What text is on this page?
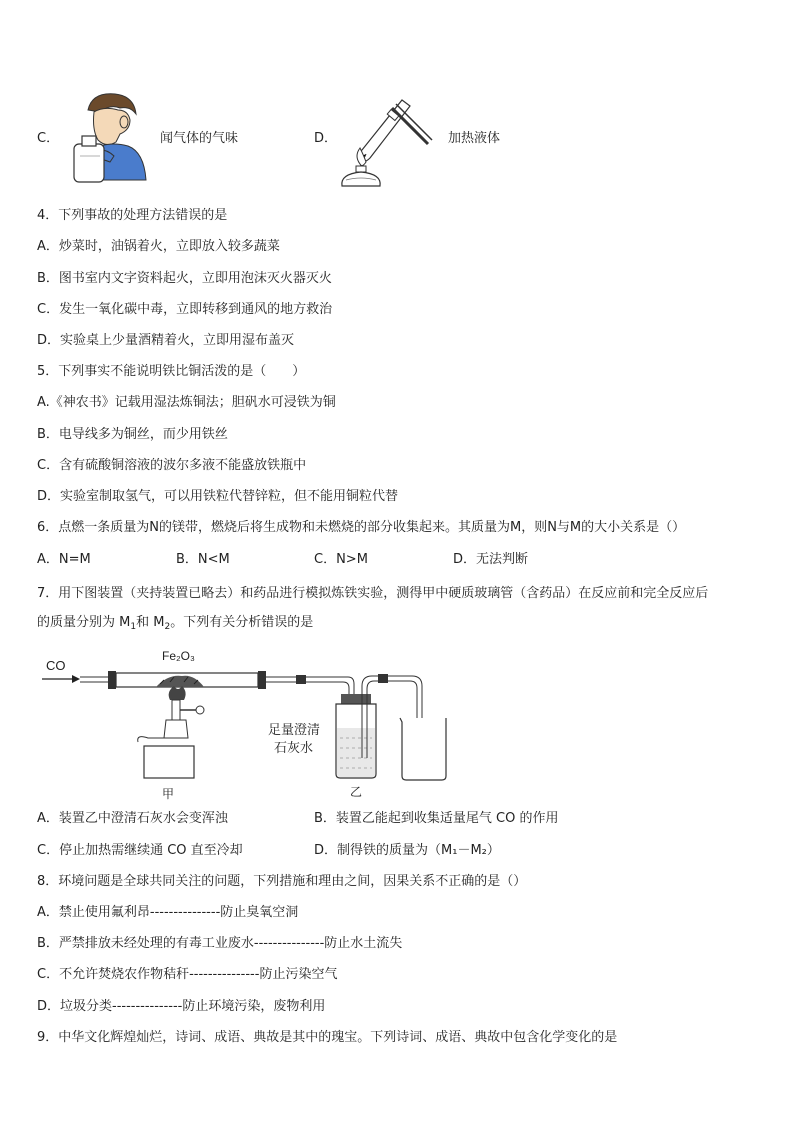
C．	闻气体的气味	D．	加热液体
4．下列事故的处理方法错误的是
A．炒菜时，油锅着火，立即放入较多蔬菜
B．图书室内文字资料起火，立即用泡沫灭火器灭火
C．发生一氧化碳中毒，立即转移到通风的地方救治
D．实验桌上少量酒精着火，立即用湿布盖灭
5．下列事实不能说明铁比铜活泼的是（　　）
A.《神农书》记载用湿法炼铜法；胆矾水可浸铁为铜
B．电导线多为铜丝，而少用铁丝
C．含有硫酸铜溶液的波尔多液不能盛放铁瓶中
D．实验室制取氢气，可以用铁粒代替锌粒，但不能用铜粒代替
6．点燃一条质量为N的镁带，燃烧后将生成物和未燃烧的部分收集起来。其质量为M，则N与M的大小关系是（）
A．N=M	B．N<M	C．N>M	D．无法判断
7．用下图装置（夹持装置已略去）和药品进行模拟炼铁实验，测得甲中硬质玻璃管（含药品）在反应前和完全反应后
的质量分别为 $M_1$和 $M_2$。下列有关分析错误的是
CO
Fe₂O₃
甲
足量澄清
石灰水
乙
A．装置乙中澄清石灰水会变浑浊	B．装置乙能起到收集适量尾气 CO 的作用
C．停止加热需继续通 CO 直至冷却	D．制得铁的质量为（M₁－M₂）
8．环境问题是全球共同关注的问题，下列措施和理由之间，因果关系不正确的是（）
A．禁止使用氟利昂---------------防止臭氧空洞
B．严禁排放未经处理的有毒工业废水---------------防止水土流失
C．不允许焚烧农作物秸秆---------------防止污染空气
D．垃圾分类---------------防止环境污染，废物利用
9．中华文化辉煌灿烂，诗词、成语、典故是其中的瑰宝。下列诗词、成语、典故中包含化学变化的是
